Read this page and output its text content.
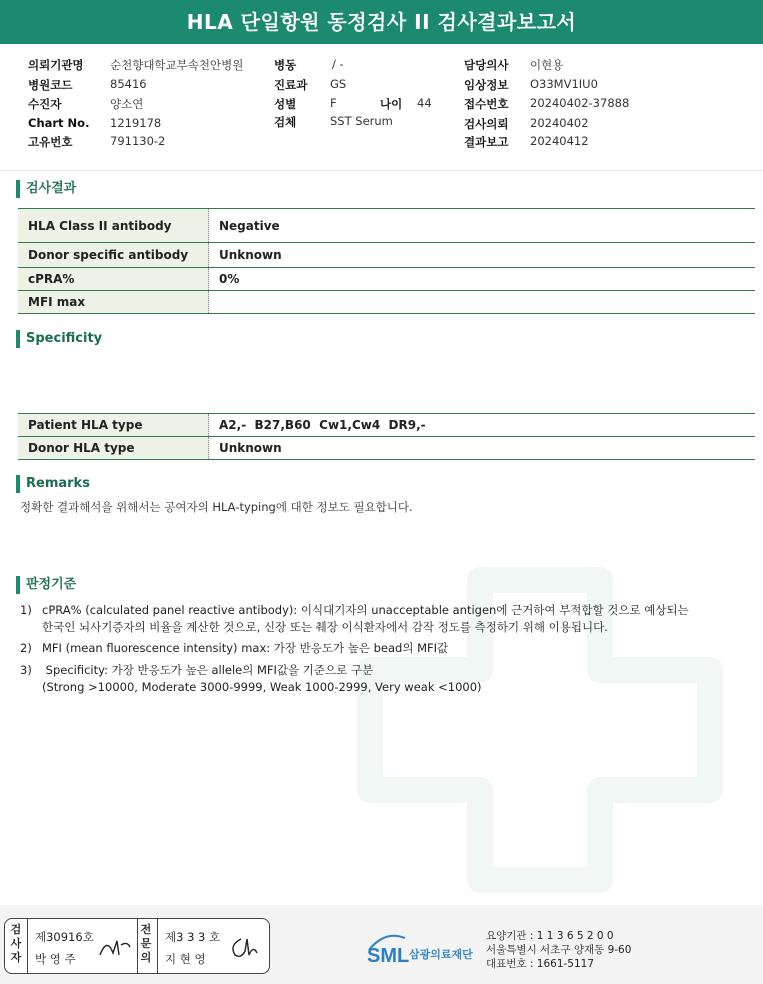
HLA 단일항원 동정검사 II 검사결과보고서
의뢰기관명 순천향대학교부속천안병원
병원코드	85416
수진자	양소연
Chart No. 1219178
고유번호	791130-2
병동	/ -
진료과 GS
성별	F	나이 44
검체	SST Serum
담당의사 이현용
임상정보 O33MV1IU0
접수번호 20240402-37888
검사의뢰 20240402
결과보고 20240412
검사결과
HLA Class II antibody	Negative
Donor specific antibody	Unknown
cPRA%	0%
MFI max	
Specificity
Patient HLA type	A2,-  B27,B60  Cw1,Cw4  DR9,-
Donor HLA type	Unknown
Remarks
정확한 결과해석을 위해서는 공여자의 HLA-typing에 대한 정보도 필요합니다.
판정기준
1) cPRA% (calculated panel reactive antibody): 이식대기자의 unacceptable antigen에 근거하여 부적합할 것으로 예상되는
한국인 뇌사기증자의 비율을 계산한 것으로, 신장 또는 췌장 이식환자에서 감작 정도를 측정하기 위해 이용됩니다.
2) MFI (mean fluorescence intensity) max: 가장 반응도가 높은 bead의 MFI값
3) Specificity: 가장 반응도가 높은 allele의 MFI값을 기준으로 구분
(Strong >10000, Moderate 3000-9999, Weak 1000-2999, Very weak <1000)
검
사
자
제30916호
박 영 주
전
문
의
제3 3 3 호
지 현 영	SML 삼광의료재단
요양기관 : 1 1 3 6 5 2 0 0
서울특별시 서초구 양재동 9-60
대표번호 : 1661-5117
